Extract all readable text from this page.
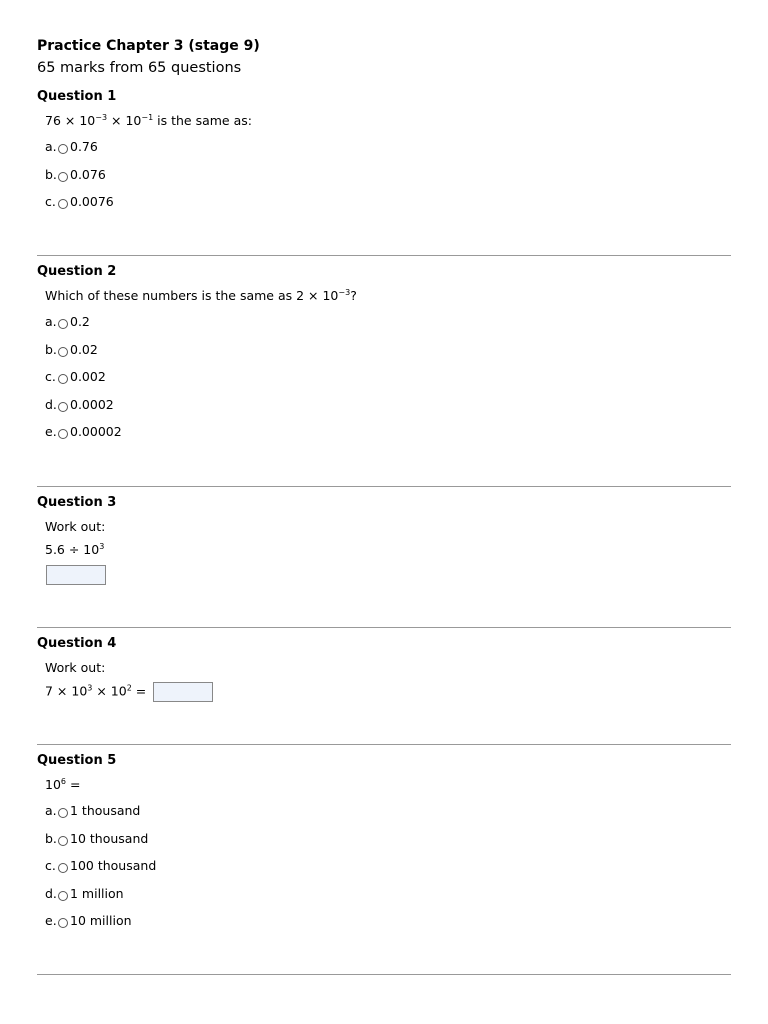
Practice Chapter 3 (stage 9)
65 marks from 65 questions
Question 1
$76 \times 10^{-3} \times 10^{-1}$ is the same as:
a. 0.76
b. 0.076
c. 0.0076
Question 2
Which of these numbers is the same as $2 \times 10^{-3}$?
a. 0.2
b. 0.02
c. 0.002
d. 0.0002
e. 0.00002
Question 3
Work out:
$5.6 \div 10^3$
Question 4
Work out:
$7 \times 10^3 \times 10^2$ =
Question 5
$10^6$ =
a. 1 thousand
b. 10 thousand
c. 100 thousand
d. 1 million
e. 10 million
